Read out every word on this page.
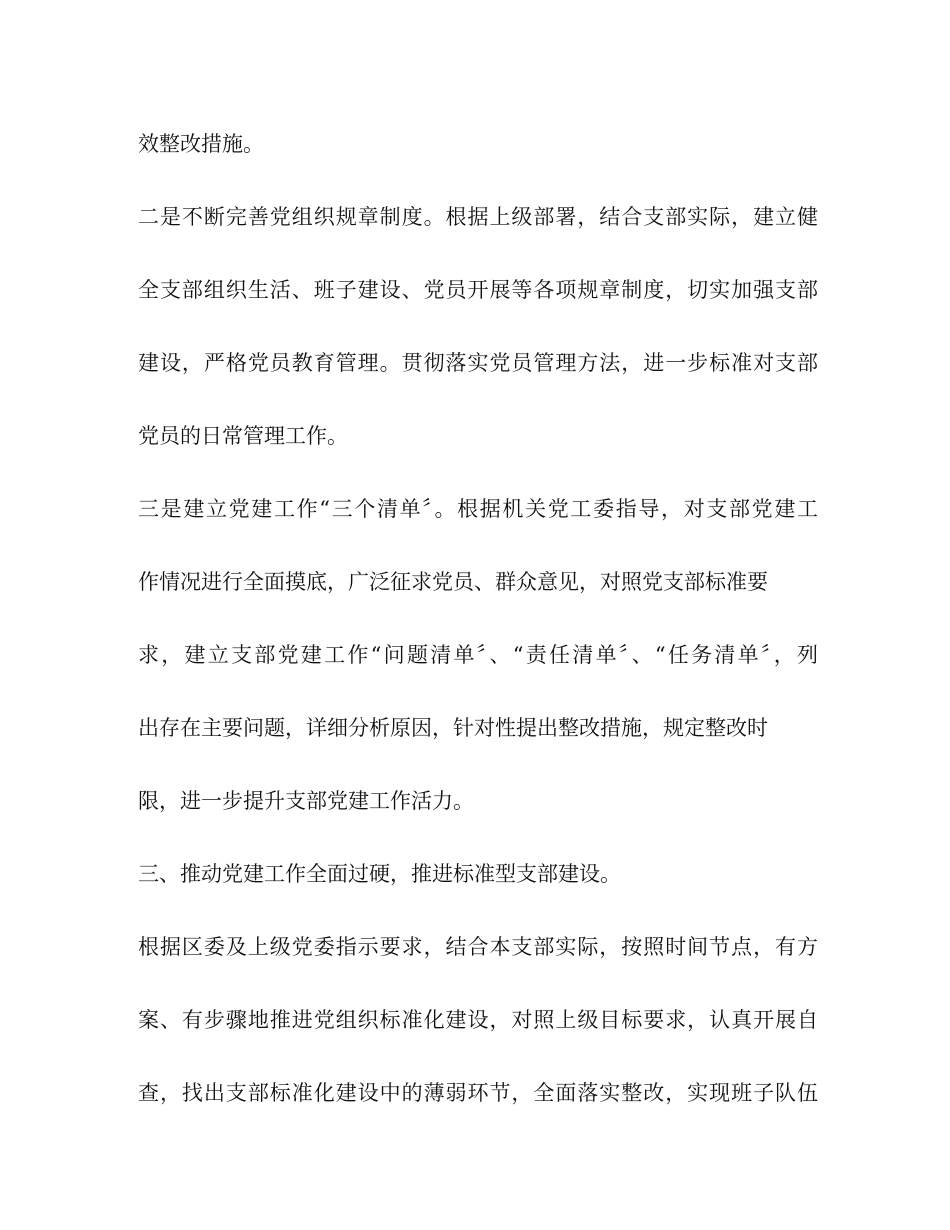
效整改措施。
二是不断完善党组织规章制度。根据上级部署，结合支部实际，建立健
全支部组织生活、班子建设、党员开展等各项规章制度，切实加强支部
建设，严格党员教育管理。贯彻落实党员管理方法，进一步标准对支部
党员的日常管理工作。
三是建立党建工作“三个清单〞。根据机关党工委指导，对支部党建工
作情况进行全面摸底，广泛征求党员、群众意见，对照党支部标准要
求，建立支部党建工作“问题清单〞、“责任清单〞、“任务清单〞，列
出存在主要问题，详细分析原因，针对性提出整改措施，规定整改时
限，进一步提升支部党建工作活力。
三、推动党建工作全面过硬，推进标准型支部建设。
根据区委及上级党委指示要求，结合本支部实际，按照时间节点，有方
案、有步骤地推进党组织标准化建设，对照上级目标要求，认真开展自
查，找出支部标准化建设中的薄弱环节，全面落实整改，实现班子队伍
